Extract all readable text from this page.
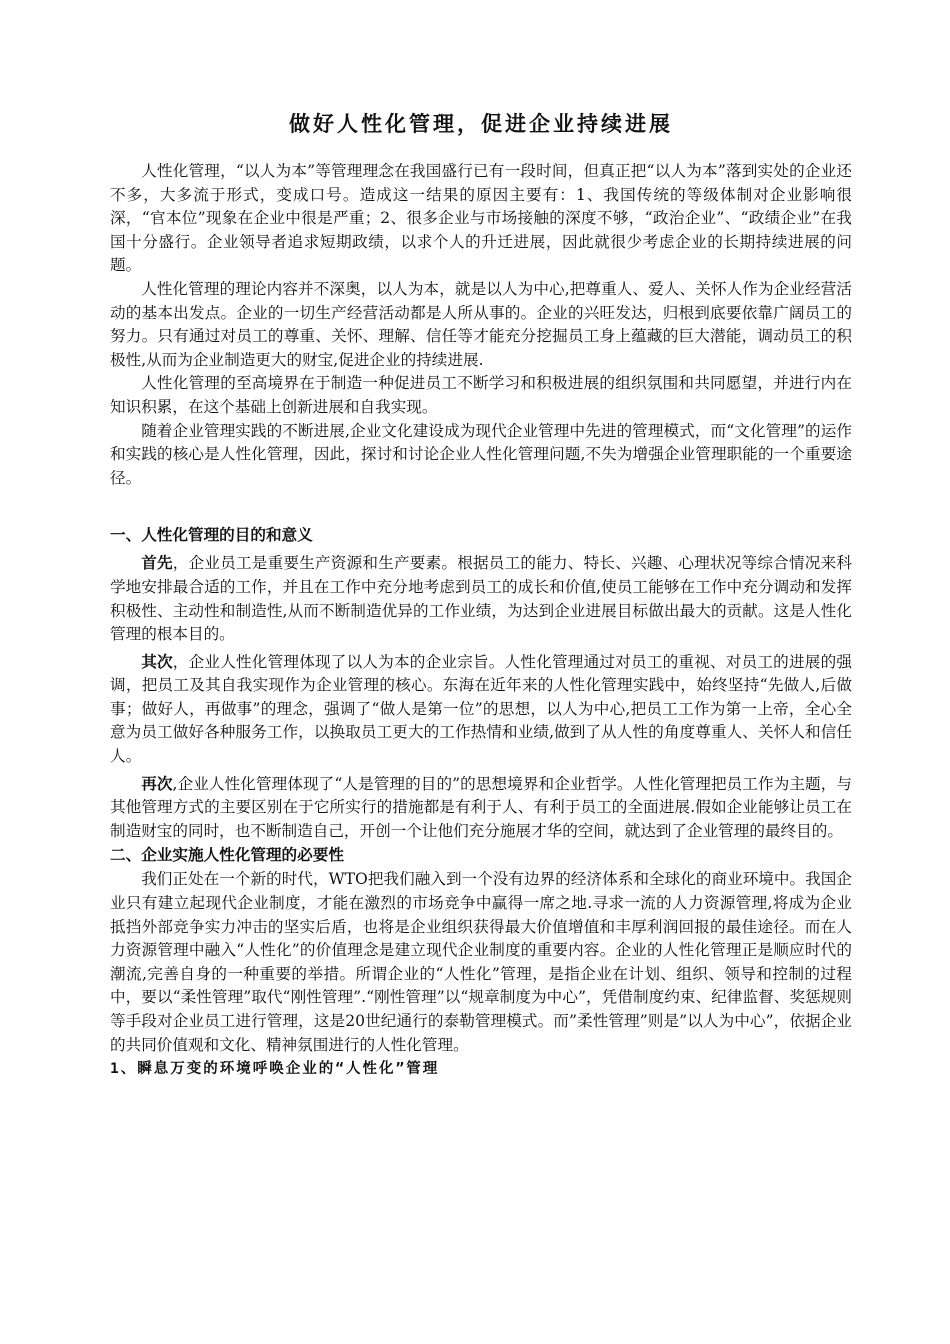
做好人性化管理，促进企业持续进展

人性化管理，“以人为本”等管理理念在我国盛行已有一段时间，但真正把“以人为本”落到实处的企业还不多，大多流于形式，变成口号。造成这一结果的原因主要有：1、我国传统的等级体制对企业影响很深，“官本位”现象在企业中很是严重；2、很多企业与市场接触的深度不够，“政治企业”、“政绩企业”在我国十分盛行。企业领导者追求短期政绩，以求个人的升迁进展，因此就很少考虑企业的长期持续进展的问题。

人性化管理的理论内容并不深奥，以人为本，就是以人为中心,把尊重人、爱人、关怀人作为企业经营活动的基本出发点。企业的一切生产经营活动都是人所从事的。企业的兴旺发达，归根到底要依靠广阔员工的努力。只有通过对员工的尊重、关怀、理解、信任等才能充分挖掘员工身上蕴藏的巨大潜能，调动员工的积极性,从而为企业制造更大的财宝,促进企业的持续进展.

人性化管理的至高境界在于制造一种促进员工不断学习和积极进展的组织氛围和共同愿望，并进行内在知识积累，在这个基础上创新进展和自我实现。

随着企业管理实践的不断进展,企业文化建设成为现代企业管理中先进的管理模式，而“文化管理”的运作和实践的核心是人性化管理，因此，探讨和讨论企业人性化管理问题,不失为增强企业管理职能的一个重要途径。

一、人性化管理的目的和意义

首先，企业员工是重要生产资源和生产要素。根据员工的能力、特长、兴趣、心理状况等综合情况来科学地安排最合适的工作，并且在工作中充分地考虑到员工的成长和价值,使员工能够在工作中充分调动和发挥积极性、主动性和制造性,从而不断制造优异的工作业绩，为达到企业进展目标做出最大的贡献。这是人性化管理的根本目的。

其次，企业人性化管理体现了以人为本的企业宗旨。人性化管理通过对员工的重视、对员工的进展的强调，把员工及其自我实现作为企业管理的核心。东海在近年来的人性化管理实践中，始终坚持“先做人,后做事；做好人，再做事”的理念，强调了“做人是第一位”的思想，以人为中心,把员工工作为第一上帝，全心全意为员工做好各种服务工作，以换取员工更大的工作热情和业绩,做到了从人性的角度尊重人、关怀人和信任人。

再次,企业人性化管理体现了“人是管理的目的”的思想境界和企业哲学。人性化管理把员工作为主题，与其他管理方式的主要区别在于它所实行的措施都是有利于人、有利于员工的全面进展.假如企业能够让员工在制造财宝的同时，也不断制造自己，开创一个让他们充分施展才华的空间，就达到了企业管理的最终目的。

二、企业实施人性化管理的必要性

我们正处在一个新的时代，WTO把我们融入到一个没有边界的经济体系和全球化的商业环境中。我国企业只有建立起现代企业制度，才能在激烈的市场竞争中赢得一席之地.寻求一流的人力资源管理,将成为企业抵挡外部竞争实力冲击的坚实后盾，也将是企业组织获得最大价值增值和丰厚利润回报的最佳途径。而在人力资源管理中融入“人性化”的价值理念是建立现代企业制度的重要内容。企业的人性化管理正是顺应时代的潮流,完善自身的一种重要的举措。所谓企业的“人性化”管理，是指企业在计划、组织、领导和控制的过程中，要以“柔性管理”取代“刚性管理”.“刚性管理”以“规章制度为中心”，凭借制度约束、纪律监督、奖惩规则等手段对企业员工进行管理，这是20世纪通行的泰勒管理模式。而”柔性管理”则是”以人为中心”，依据企业的共同价值观和文化、精神氛围进行的人性化管理。

1、瞬息万变的环境呼唤企业的“人性化”管理
